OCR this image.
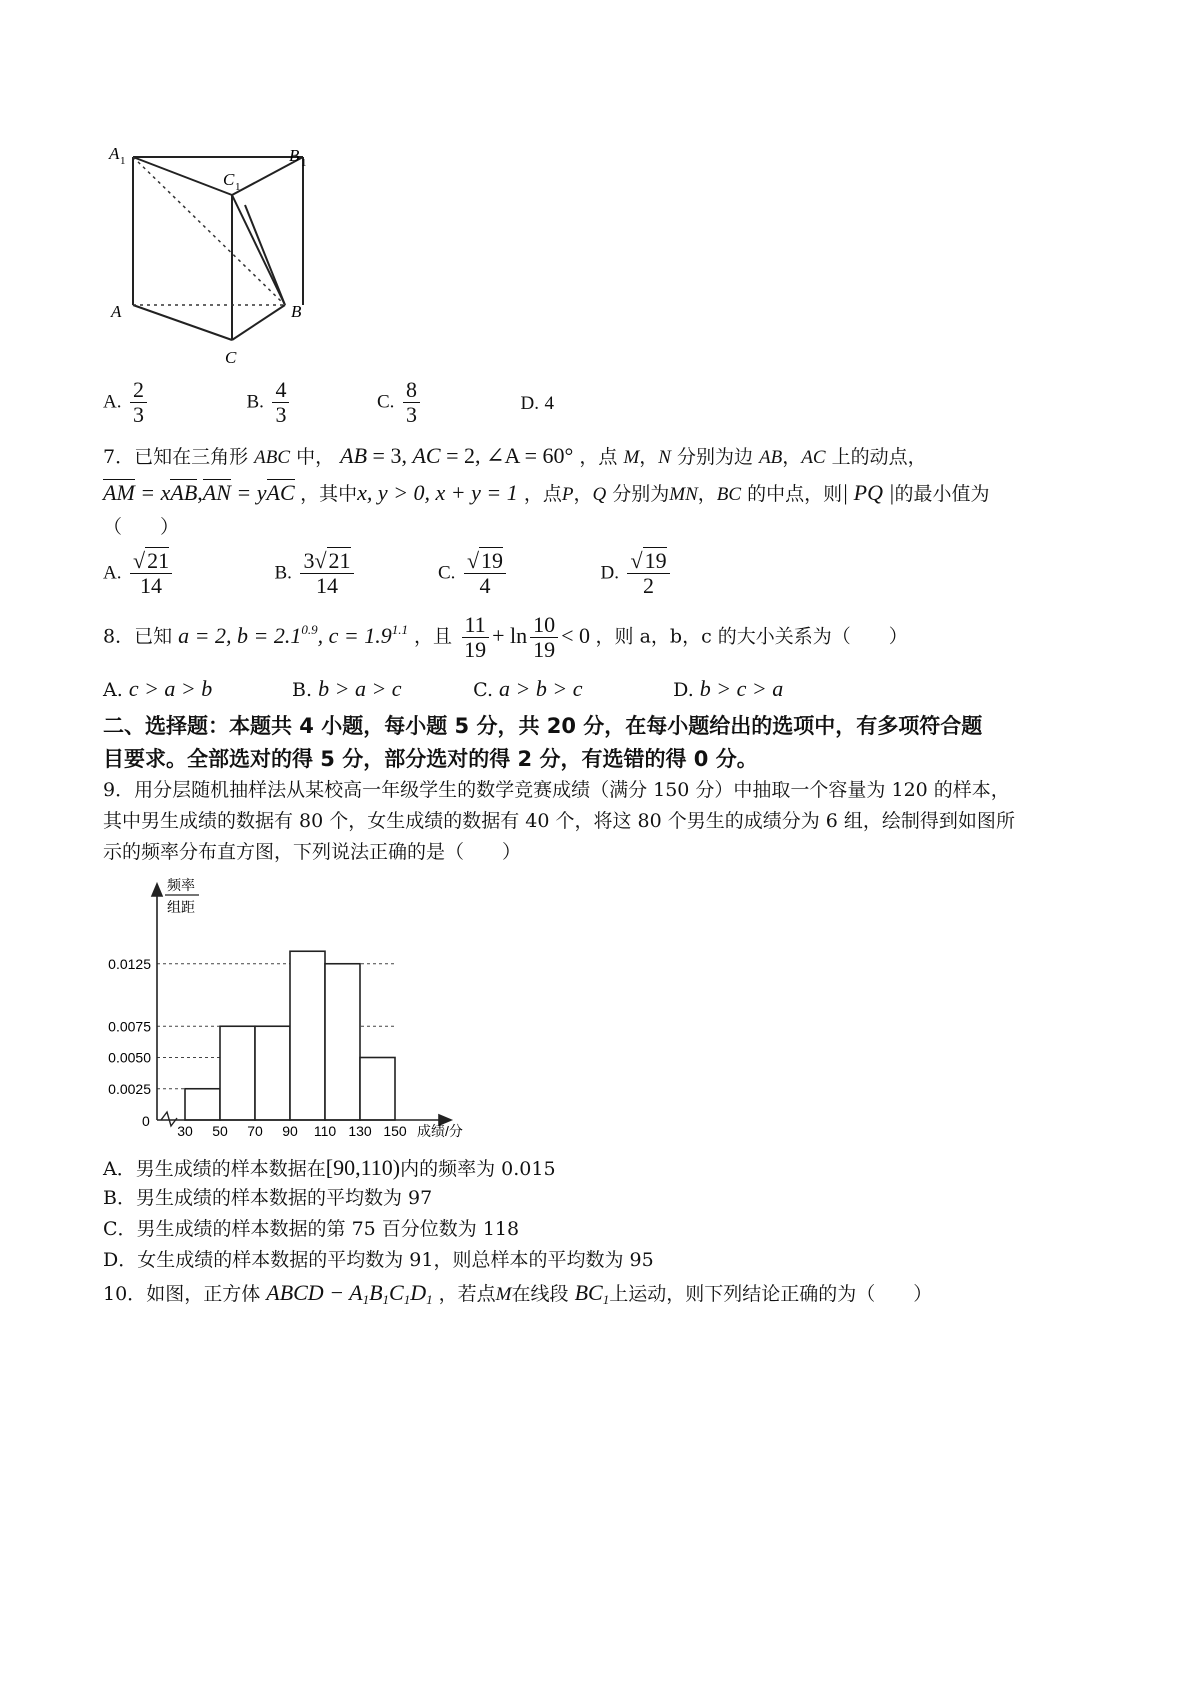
A 1	B 1
C 1
A	B
C
A. $\frac{2}{3}$	B. $\frac{4}{3}$	C. $\frac{8}{3}$	D. 4
7．已知在三角形 ABC 中， AB = 3, AC = 2, ∠A = 60° ，点 M，N 分别为边 AB，AC 上的动点，
AM = xAB,AN = yAC ，其中x, y > 0, x + y = 1 ，点P，Q 分别为MN，BC 的中点，则| PQ |的最小值为
（　　）
A. $\frac{√21}{14}$	B. $\frac{3√21}{14}$	C. $\frac{√19}{4}$	D. $\frac{√19}{2}$
8．已知 a = 2, $b = 2.1^{0.9}$, $c = 1.9^{1.1}$ ，且 $\frac{11}{19} + \ln \frac{10}{19} < 0$ ，则 a，b，c 的大小关系为（　　）
A. c > a > b	B. b > a > c	C. a > b > c	D. b > c > a
二、选择题：本题共 4 小题，每小题 5 分，共 20 分，在每小题给出的选项中，有多项符合题
目要求。全部选对的得 5 分，部分选对的得 2 分，有选错的得 0 分。
9．用分层随机抽样法从某校高一年级学生的数学竞赛成绩（满分 150 分）中抽取一个容量为 120 的样本，
其中男生成绩的数据有 80 个，女生成绩的数据有 40 个，将这 80 个男生的成绩分为 6 组，绘制得到如图所
示的频率分布直方图，下列说法正确的是（　　）
频率
组距
0
0.0125
0.0075
0.0050
0.0025
30 50 70 90 110 130 150 成绩/分
A．男生成绩的样本数据在[90,110)内的频率为 0.015
B．男生成绩的样本数据的平均数为 97
C．男生成绩的样本数据的第 75 百分位数为 118
D．女生成绩的样本数据的平均数为 91，则总样本的平均数为 95
10．如图，正方体 ABCD − $A_1B_1C_1D_1$ ，若点M在线段 $BC_1$上运动，则下列结论正确的为（　　）
